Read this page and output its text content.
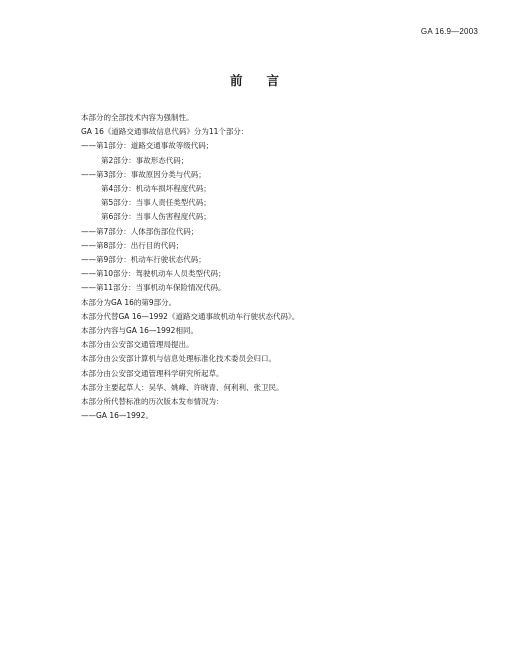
GA 16.9—2003
前 言
本部分的全部技术内容为强制性。
GA 16《道路交通事故信息代码》分为11个部分：
——第1部分：道路交通事故等级代码；
第2部分：事故形态代码；
——第3部分：事故原因分类与代码；
第4部分：机动车损坏程度代码；
第5部分：当事人责任类型代码；
第6部分：当事人伤害程度代码；
——第7部分：人体部伤部位代码；
——第8部分：出行目的代码；
——第9部分：机动车行驶状态代码；
——第10部分：驾驶机动车人员类型代码；
——第11部分：当事机动车保险情况代码。
本部分为GA 16的第9部分。
本部分代替GA 16—1992《道路交通事故机动车行驶状态代码》。
本部分内容与GA 16—1992相同。
本部分由公安部交通管理局提出。
本部分由公安部计算机与信息处理标准化技术委员会归口。
本部分由公安部交通管理科学研究所起草。
本部分主要起草人：吴华、姚峰、许晓青、何利利、张卫民。
本部分所代替标准的历次版本发布情况为：
——GA 16—1992。
